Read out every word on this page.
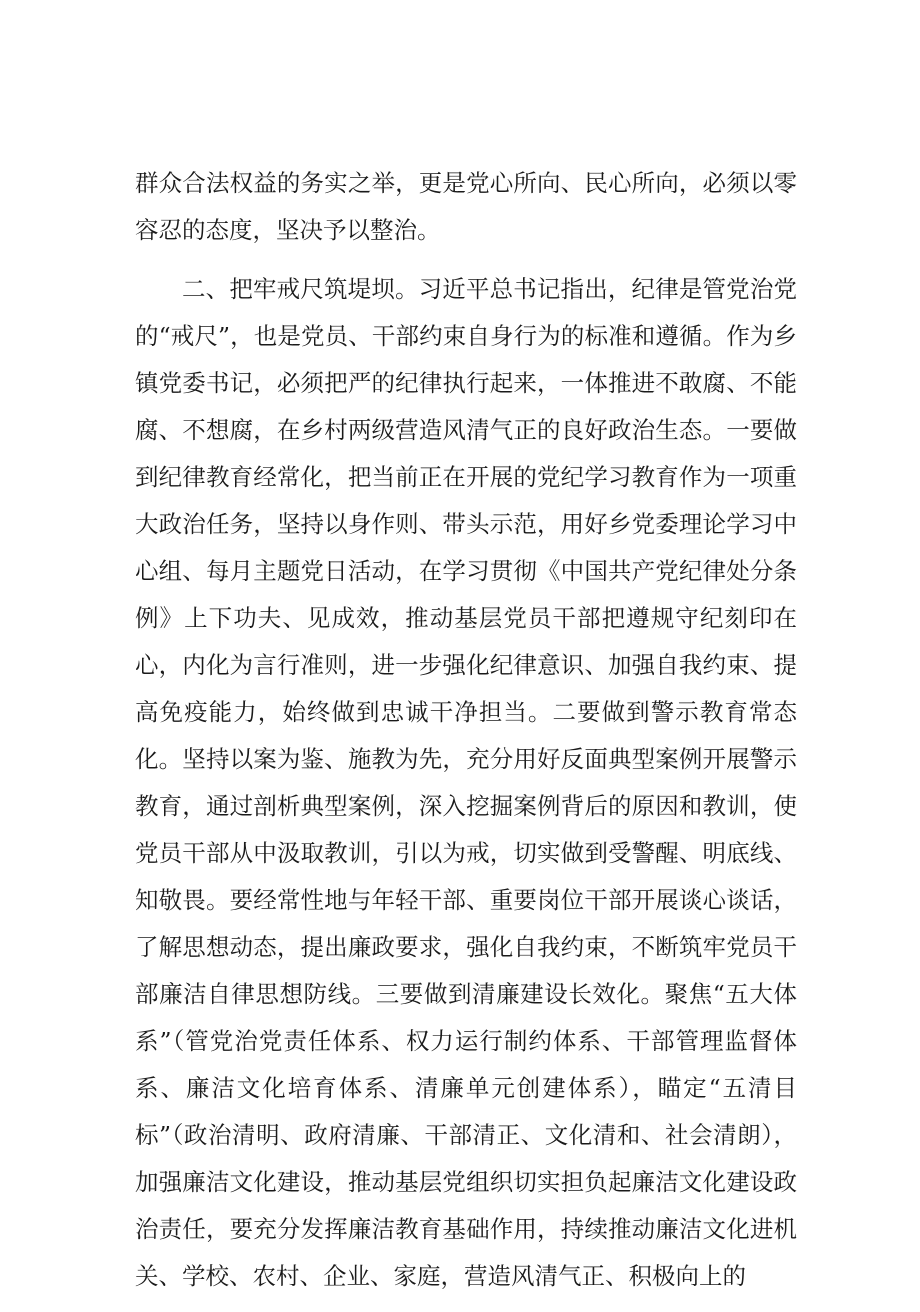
群众合法权益的务实之举，更是党心所向、民心所向，必须以零容忍的态度，坚决予以整治。

二、把牢戒尺筑堤坝。习近平总书记指出，纪律是管党治党的“戒尺”，也是党员、干部约束自身行为的标准和遵循。作为乡镇党委书记，必须把严的纪律执行起来，一体推进不敢腐、不能腐、不想腐，在乡村两级营造风清气正的良好政治生态。一要做到纪律教育经常化，把当前正在开展的党纪学习教育作为一项重大政治任务，坚持以身作则、带头示范，用好乡党委理论学习中心组、每月主题党日活动，在学习贯彻《中国共产党纪律处分条例》上下功夫、见成效，推动基层党员干部把遵规守纪刻印在心，内化为言行准则，进一步强化纪律意识、加强自我约束、提高免疫能力，始终做到忠诚干净担当。二要做到警示教育常态化。坚持以案为鉴、施教为先，充分用好反面典型案例开展警示教育，通过剖析典型案例，深入挖掘案例背后的原因和教训，使党员干部从中汲取教训，引以为戒，切实做到受警醒、明底线、知敬畏。要经常性地与年轻干部、重要岗位干部开展谈心谈话，了解思想动态，提出廉政要求，强化自我约束，不断筑牢党员干部廉洁自律思想防线。三要做到清廉建设长效化。聚焦“五大体系”（管党治党责任体系、权力运行制约体系、干部管理监督体系、廉洁文化培育体系、清廉单元创建体系），瞄定“五清目标”（政治清明、政府清廉、干部清正、文化清和、社会清朗），加强廉洁文化建设，推动基层党组织切实担负起廉洁文化建设政治责任，要充分发挥廉洁教育基础作用，持续推动廉洁文化进机关、学校、农村、企业、家庭，营造风清气正、积极向上的
